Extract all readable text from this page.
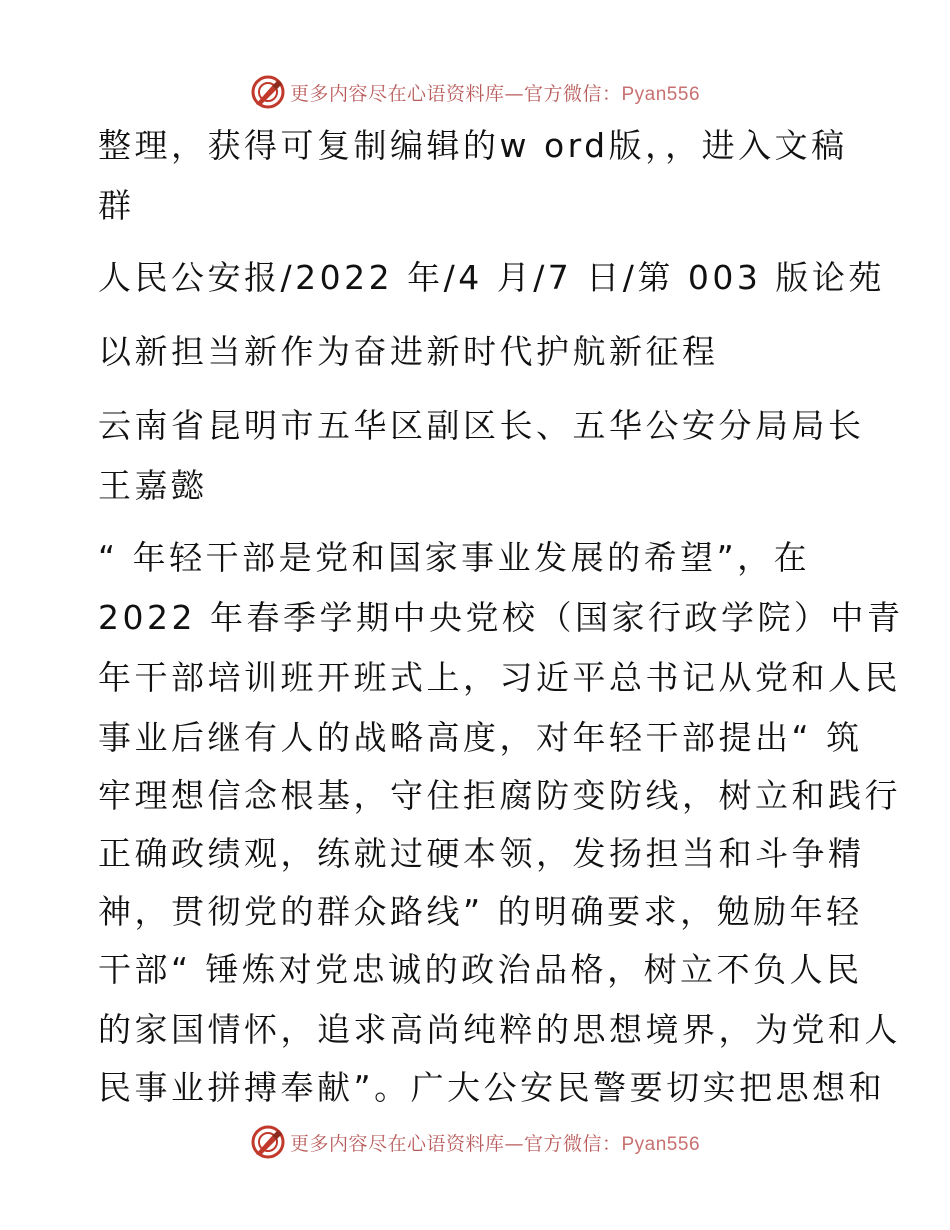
更多内容尽在心语资料库—官方微信：Pyan556
整理，获得可复制编辑的w ord版，，进入文稿
群
人民公安报/2022 年/4 月/7 日/第 003 版论苑
以新担当新作为奋进新时代护航新征程
云南省昆明市五华区副区长、五华公安分局局长
王嘉懿
“ 年轻干部是党和国家事业发展的希望”，在
2022 年春季学期中央党校（国家行政学院）中青
年干部培训班开班式上，习近平总书记从党和人民
事业后继有人的战略高度，对年轻干部提出“ 筑
牢理想信念根基，守住拒腐防变防线，树立和践行
正确政绩观，练就过硬本领，发扬担当和斗争精
神，贯彻党的群众路线” 的明确要求，勉励年轻
干部“ 锤炼对党忠诚的政治品格，树立不负人民
的家国情怀，追求高尚纯粹的思想境界，为党和人
民事业拼搏奉献”。广大公安民警要切实把思想和
更多内容尽在心语资料库—官方微信：Pyan556
